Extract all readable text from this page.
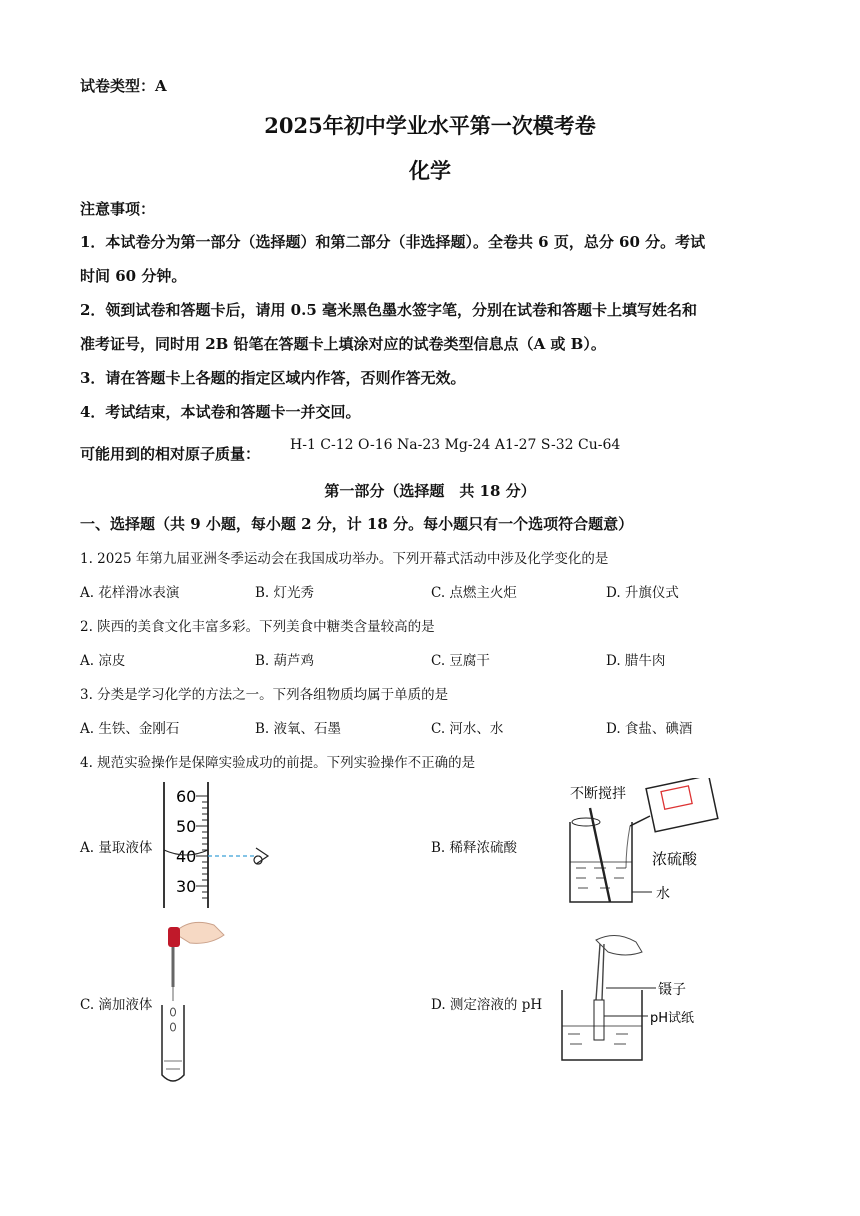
试卷类型：A
2025年初中学业水平第一次模考卷
化学
注意事项：
1．本试卷分为第一部分（选择题）和第二部分（非选择题）。全卷共 6 页，总分 60 分。考试
时间 60 分钟。
2．领到试卷和答题卡后，请用 0.5 毫米黑色墨水签字笔，分别在试卷和答题卡上填写姓名和
准考证号，同时用 2B 铅笔在答题卡上填涂对应的试卷类型信息点（A 或 B）。
3．请在答题卡上各题的指定区域内作答，否则作答无效。
4．考试结束，本试卷和答题卡一并交回。
可能用到的相对原子质量： H-1 C-12 O-16 Na-23 Mg-24 A1-27 S-32 Cu-64
第一部分（选择题　共 18 分）
一、选择题（共 9 小题，每小题 2 分，计 18 分。每小题只有一个选项符合题意）
1. 2025 年第九届亚洲冬季运动会在我国成功举办。下列开幕式活动中涉及化学变化的是
A. 花样滑冰表演	B. 灯光秀	C. 点燃主火炬	D. 升旗仪式
2. 陕西的美食文化丰富多彩。下列美食中糖类含量较高的是
A. 凉皮	B. 葫芦鸡	C. 豆腐干	D. 腊牛肉
3. 分类是学习化学的方法之一。下列各组物质均属于单质的是
A. 生铁、金刚石	B. 液氧、石墨	C. 河水、水	D. 食盐、碘酒
4. 规范实验操作是保障实验成功的前提。下列实验操作不正确的是
A. 量取液体	B. 稀释浓硫酸
C. 滴加液体	D. 测定溶液的 pH
60
50
40
30
不断搅拌
浓硫酸
水
镊子
pH试纸
